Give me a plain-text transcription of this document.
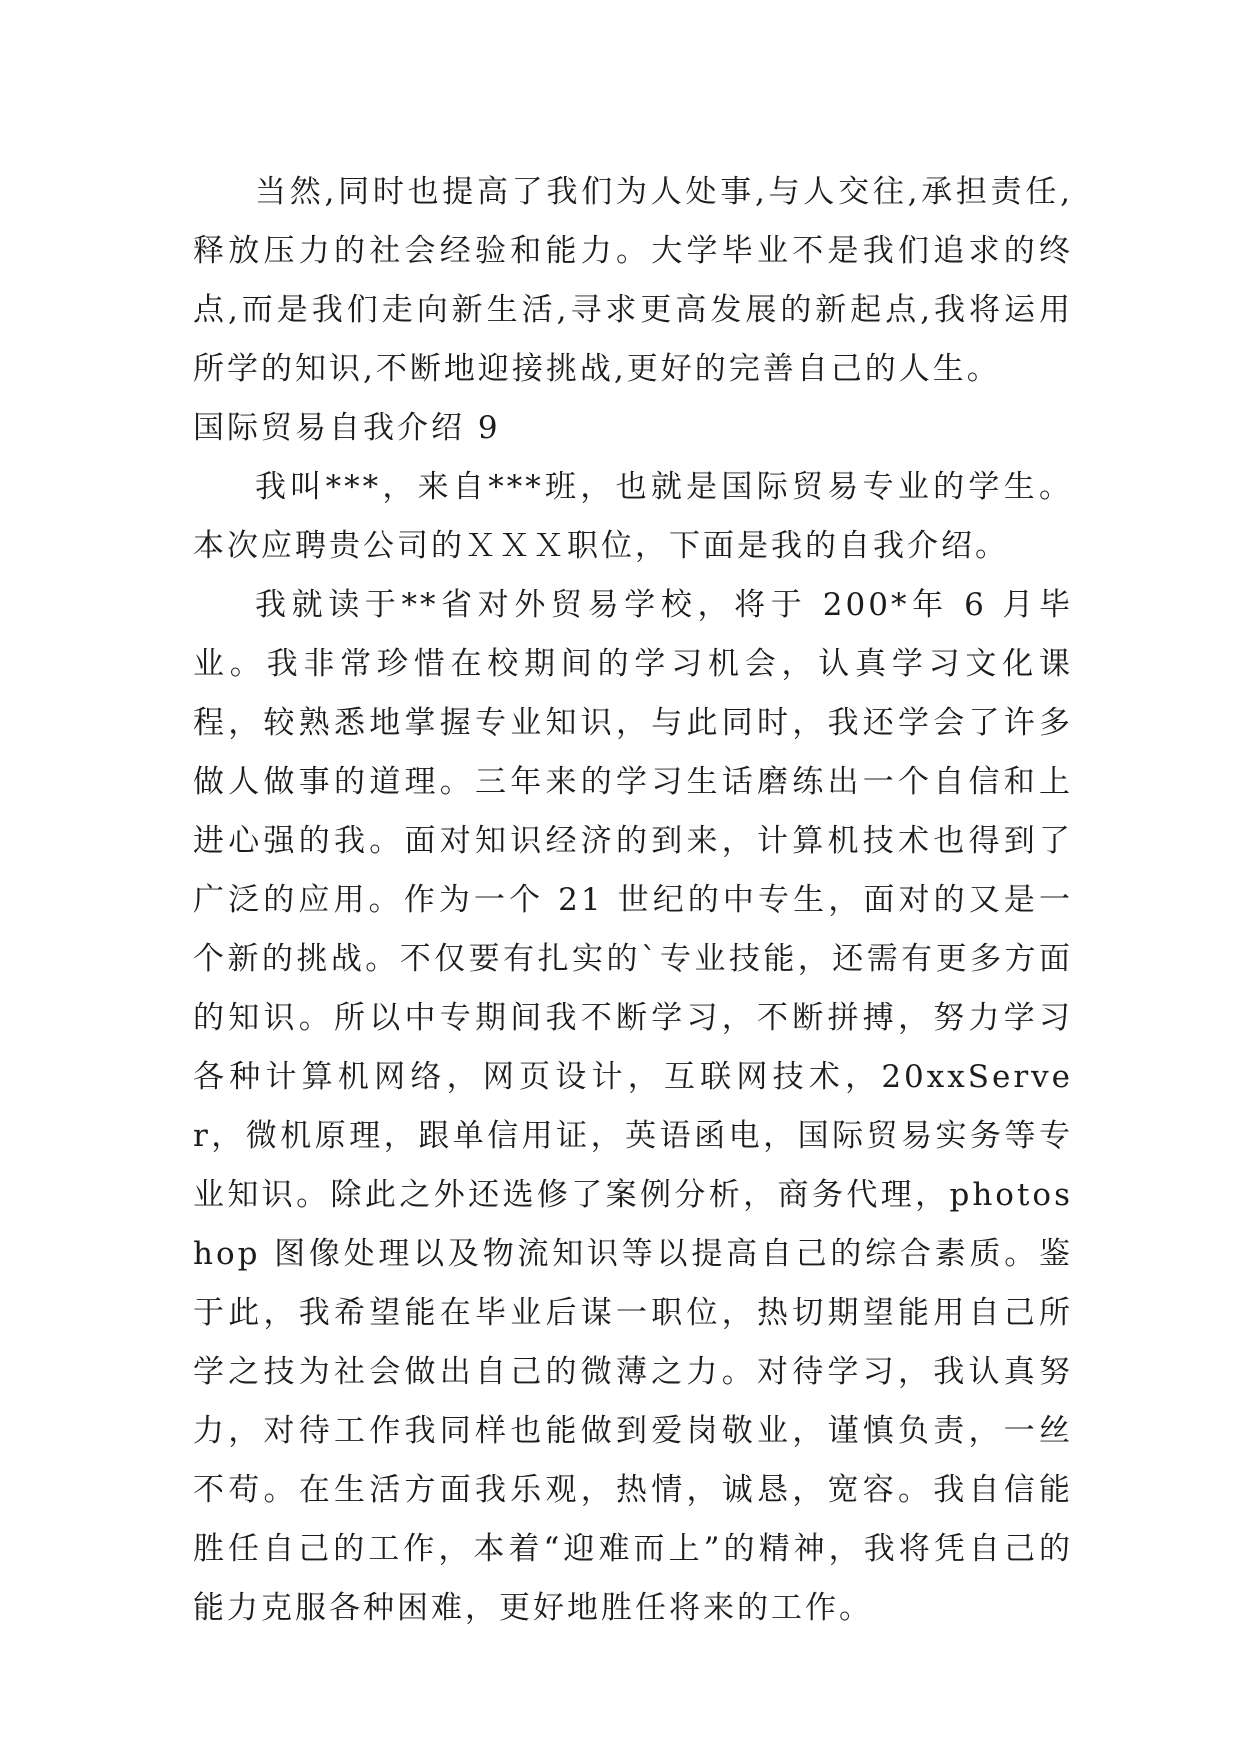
当然,同时也提高了我们为人处事,与人交往,承担责任,释放压力的社会经验和能力。大学毕业不是我们追求的终点,而是我们走向新生活,寻求更高发展的新起点,我将运用所学的知识,不断地迎接挑战,更好的完善自己的人生。

国际贸易自我介绍 9

我叫***，来自***班，也就是国际贸易专业的学生。本次应聘贵公司的ＸＸＸ职位，下面是我的自我介绍。

我就读于**省对外贸易学校，将于 200*年 6 月毕业。我非常珍惜在校期间的学习机会，认真学习文化课程，较熟悉地掌握专业知识，与此同时，我还学会了许多做人做事的道理。三年来的学习生话磨练出一个自信和上进心强的我。面对知识经济的到来，计算机技术也得到了广泛的应用。作为一个 21 世纪的中专生，面对的又是一个新的挑战。不仅要有扎实的`专业技能，还需有更多方面的知识。所以中专期间我不断学习，不断拼搏，努力学习各种计算机网络，网页设计，互联网技术，20xxServer，微机原理，跟单信用证，英语函电，国际贸易实务等专业知识。除此之外还选修了案例分析，商务代理，photoshop 图像处理以及物流知识等以提高自己的综合素质。鉴于此，我希望能在毕业后谋一职位，热切期望能用自己所学之技为社会做出自己的微薄之力。对待学习，我认真努力，对待工作我同样也能做到爱岗敬业，谨慎负责，一丝不苟。在生活方面我乐观，热情，诚恳，宽容。我自信能胜任自己的工作，本着“迎难而上”的精神，我将凭自己的能力克服各种困难，更好地胜任将来的工作。
